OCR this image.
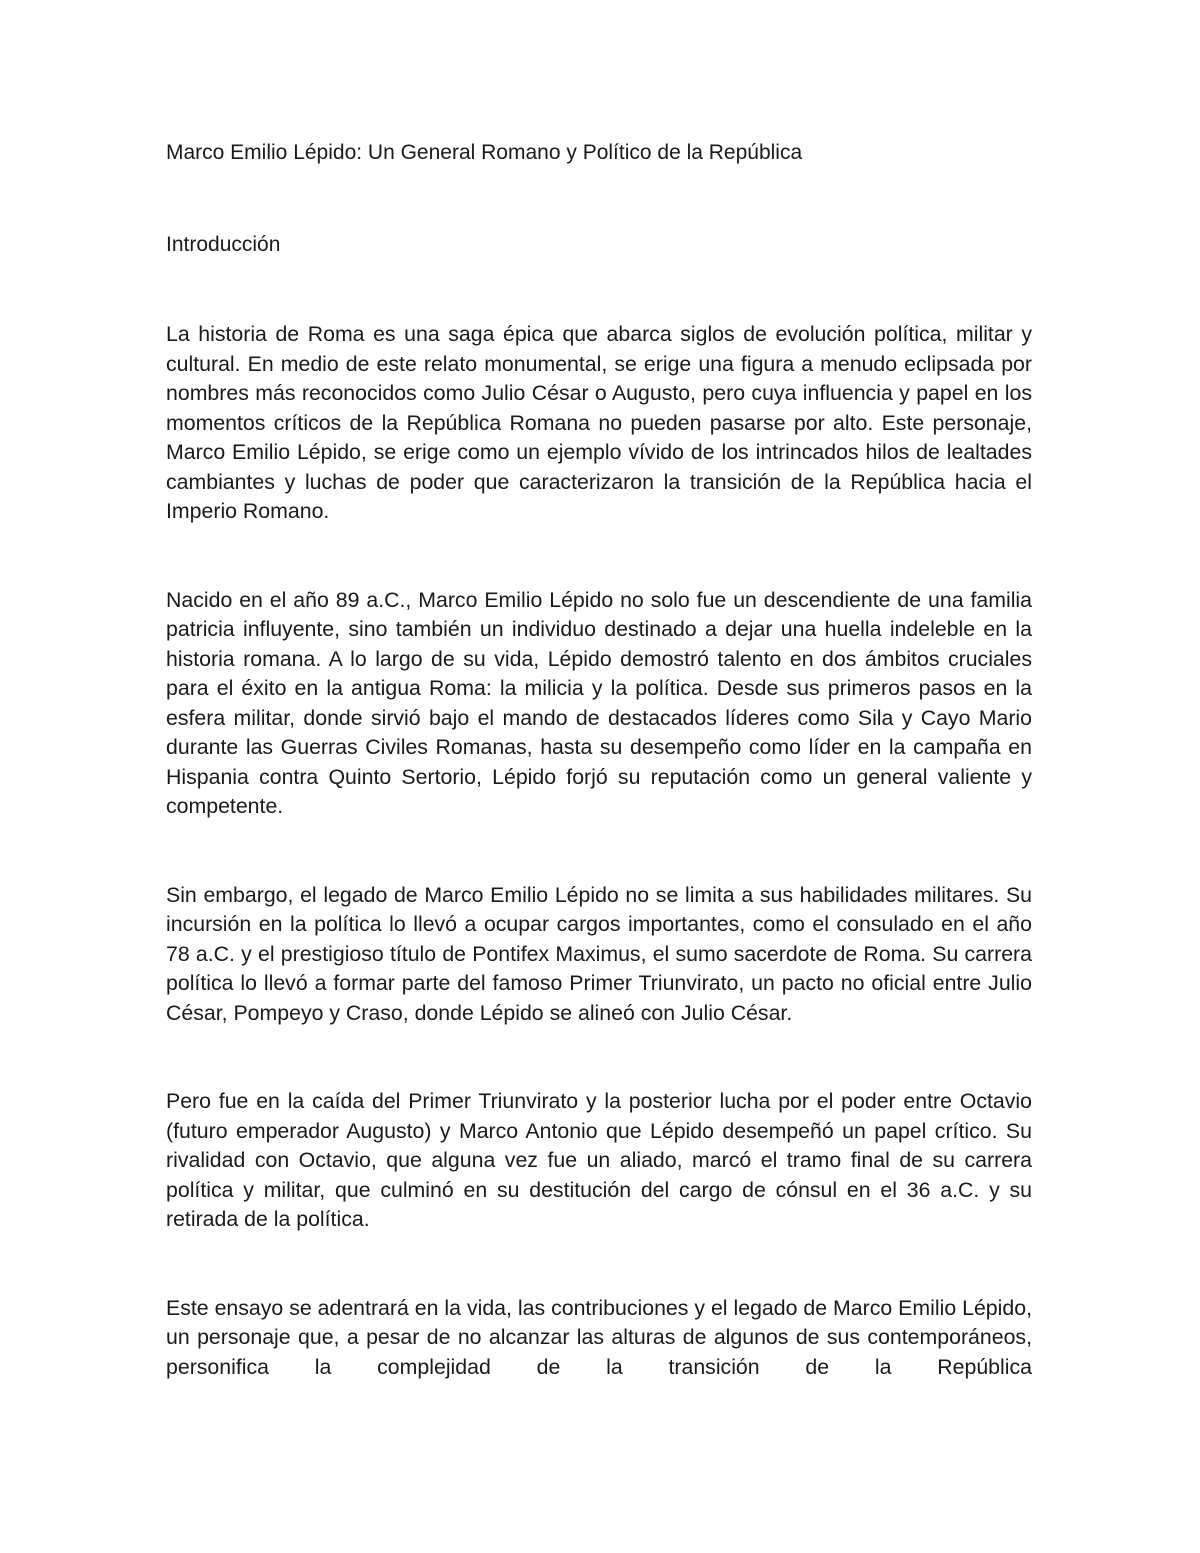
Marco Emilio Lépido: Un General Romano y Político de la República

Introducción

La historia de Roma es una saga épica que abarca siglos de evolución política, militar y cultural. En medio de este relato monumental, se erige una figura a menudo eclipsada por nombres más reconocidos como Julio César o Augusto, pero cuya influencia y papel en los momentos críticos de la República Romana no pueden pasarse por alto. Este personaje, Marco Emilio Lépido, se erige como un ejemplo vívido de los intrincados hilos de lealtades cambiantes y luchas de poder que caracterizaron la transición de la República hacia el Imperio Romano.

Nacido en el año 89 a.C., Marco Emilio Lépido no solo fue un descendiente de una familia patricia influyente, sino también un individuo destinado a dejar una huella indeleble en la historia romana. A lo largo de su vida, Lépido demostró talento en dos ámbitos cruciales para el éxito en la antigua Roma: la milicia y la política. Desde sus primeros pasos en la esfera militar, donde sirvió bajo el mando de destacados líderes como Sila y Cayo Mario durante las Guerras Civiles Romanas, hasta su desempeño como líder en la campaña en Hispania contra Quinto Sertorio, Lépido forjó su reputación como un general valiente y competente.

Sin embargo, el legado de Marco Emilio Lépido no se limita a sus habilidades militares. Su incursión en la política lo llevó a ocupar cargos importantes, como el consulado en el año 78 a.C. y el prestigioso título de Pontifex Maximus, el sumo sacerdote de Roma. Su carrera política lo llevó a formar parte del famoso Primer Triunvirato, un pacto no oficial entre Julio César, Pompeyo y Craso, donde Lépido se alineó con Julio César.

Pero fue en la caída del Primer Triunvirato y la posterior lucha por el poder entre Octavio (futuro emperador Augusto) y Marco Antonio que Lépido desempeñó un papel crítico. Su rivalidad con Octavio, que alguna vez fue un aliado, marcó el tramo final de su carrera política y militar, que culminó en su destitución del cargo de cónsul en el 36 a.C. y su retirada de la política.

Este ensayo se adentrará en la vida, las contribuciones y el legado de Marco Emilio Lépido, un personaje que, a pesar de no alcanzar las alturas de algunos de sus contemporáneos, personifica la complejidad de la transición de la República
